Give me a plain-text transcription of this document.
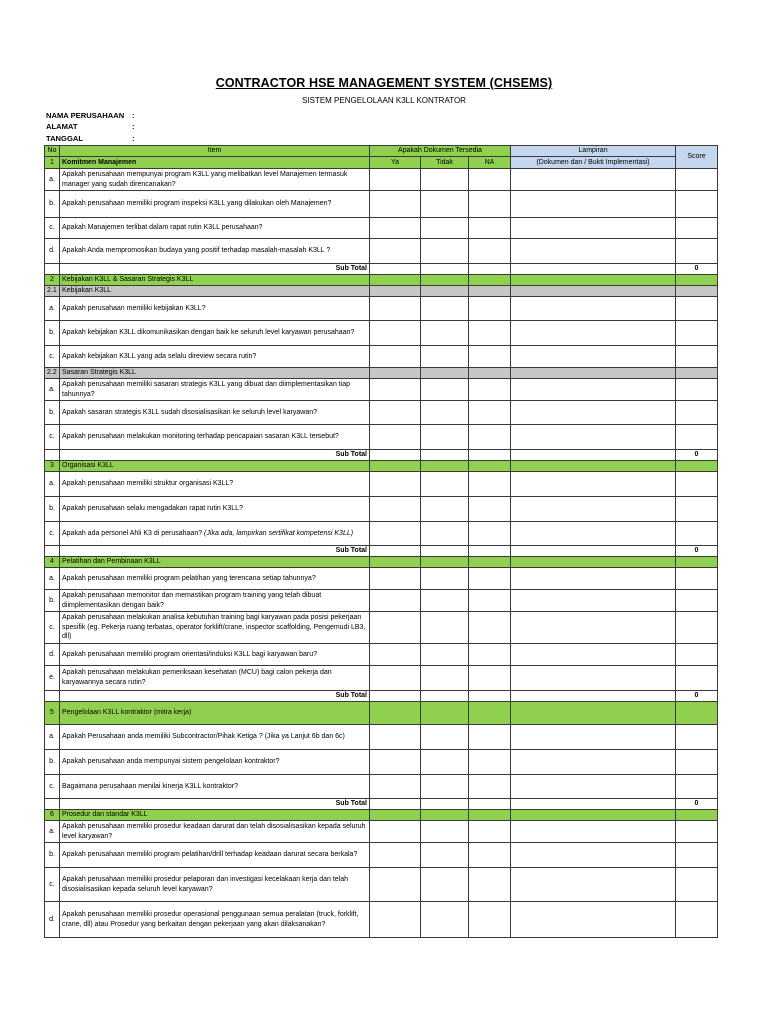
CONTRACTOR HSE MANAGEMENT SYSTEM (CHSEMS)
SISTEM PENGELOLAAN K3LL KONTRATOR
NAMA PERUSAHAAN	:
ALAMAT	:
TANGGAL	:
No	Item	Apakah Dokumen Tersedia			Lampiran	Score
1	Komitmen Manajemen	Ya	Tidak	NA	(Dokumen dan / Bukti Implementasi)	
a.	Apakah perusahaan mempunyai program K3LL yang melibatkan level Manajemen termasuk manager yang sudah direncanakan?					
b.	Apakah perusahaan memiliki program inspeksi K3LL yang dilakukan oleh Manajemen?					
c.	Apakah Manajemen terlibat dalam rapat rutin K3LL perusahaan?					
d.	Apakah Anda mempromosikan budaya yang positif terhadap masalah-masalah K3LL ?					
	Sub Total					0
2	Kebijakan K3LL & Sasaran Strategis K3LL					
2.1	Kebijakan K3LL					
a.	Apakah perusahaan memiliki kebijakan K3LL?					
b.	Apakah kebijakan K3LL dikomunikasikan dengan baik ke seluruh level karyawan perusahaan?					
c.	Apakah kebijakan K3LL yang ada selalu direview secara rutin?					
2.2	Sasaran Strategis K3LL					
a.	Apakah perusahaan memiliki sasaran strategis K3LL yang dibuat dan diimplementasikan tiap tahunnya?					
b.	Apakah sasaran strategis K3LL sudah disosialisasikan ke seluruh level karyawan?					
c.	Apakah perusahaan melakukan monitoring terhadap pencapaian sasaran K3LL tersebut?					
	Sub Total					0
3	Organisasi K3LL					
a.	Apakah perusahaan memiliki struktur organisasi K3LL?					
b.	Apakah perusahaan selalu mengadakan rapat rutin K3LL?					
c.	Apakah ada personel Ahli K3 di perusahaan? (Jika ada, lampirkan sertifikat kompetensi K3LL)					
	Sub Total					0
4	Pelatihan dan Pembinaan K3LL					
a.	Apakah perusahaan memiliki program pelatihan yang terencana setiap tahunnya?					
b.	Apakah perusahaan memonitor dan memastikan program training yang telah dibuat diimplementasikan dengan baik?					
c.	Apakah perusahaan melakukan analisa kebutuhan training bagi karyawan pada posisi pekerjaan spesifik (eg. Pekerja ruang terbatas, operator forklift/crane, inspector scaffolding, Pengemudi LB3, dll)					
d.	Apakah perusahaan memiliki program orientasi/induksi K3LL bagi karyawan baru?					
e.	Apakah perusahaan melakukan pemeriksaan kesehatan (MCU) bagi calon pekerja dan karyawannya secara rutin?					
	Sub Total					0
5	Pengelolaan K3LL kontraktor (mitra kerja)					
a.	Apakah Perusahaan anda memiliki Subcontractor/Pihak Ketiga ? (Jika ya Lanjut 6b dan 6c)					
b.	Apakah perusahaan anda mempunyai sistem pengelolaan kontraktor?					
c.	Bagaimana perusahaan menilai kinerja K3LL kontraktor?					
	Sub Total					0
6	Prosedur dan standar K3LL					
a.	Apakah perusahaan memiliki prosedur keadaan darurat dan telah disosialisasikan kepada seluruh level karyawan?					
b.	Apakah perusahaan memiliki program pelatihan/drill terhadap keadaan darurat secara berkala?					
c.	Apakah perusahaan memiliki prosedur pelaporan dan investigasi kecelakaan kerja dan telah disosialisasikan kepada seluruh level karyawan?					
d.	Apakah perusahaan memiliki prosedur operasional penggunaan semua peralatan (truck, forklift, crane, dll) atau Prosedur yang berkaitan dengan pekerjaan yang akan dilaksanakan?					
